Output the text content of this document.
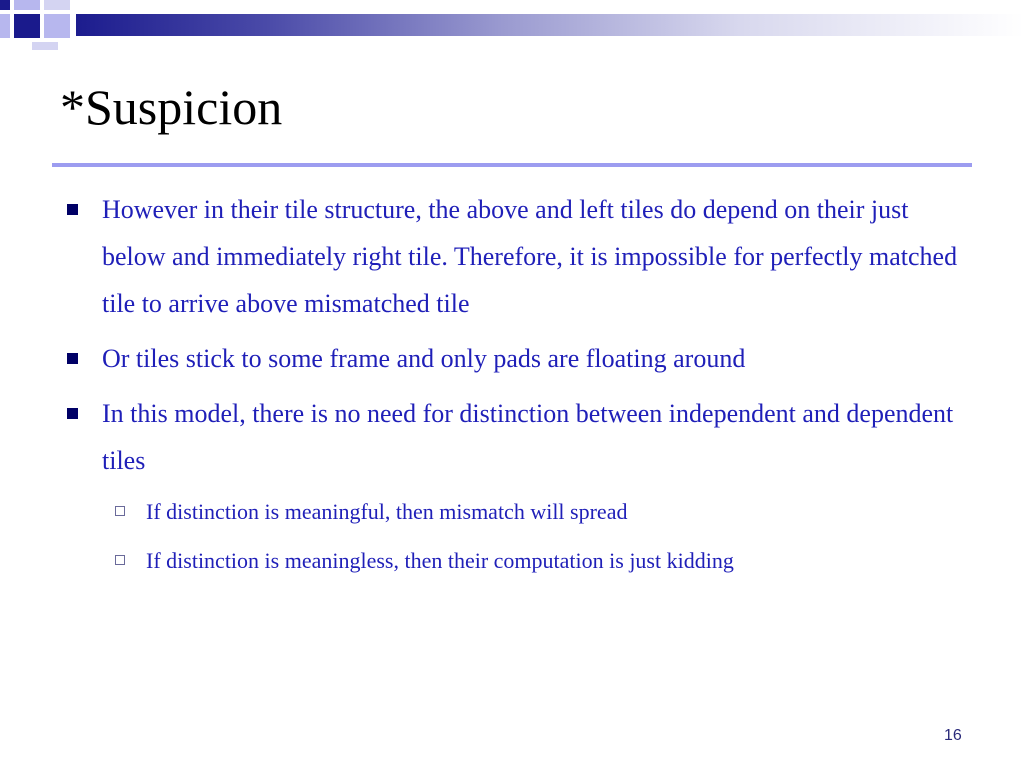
*Suspicion
However in their tile structure, the above and left tiles do depend on their just below and immediately right tile. Therefore, it is impossible for perfectly matched tile to arrive above mismatched tile
Or tiles stick to some frame and only pads are floating around
In this model, there is no need for distinction between independent and dependent tiles
If distinction is meaningful, then mismatch will spread
If distinction is meaningless, then their computation is just kidding
16
